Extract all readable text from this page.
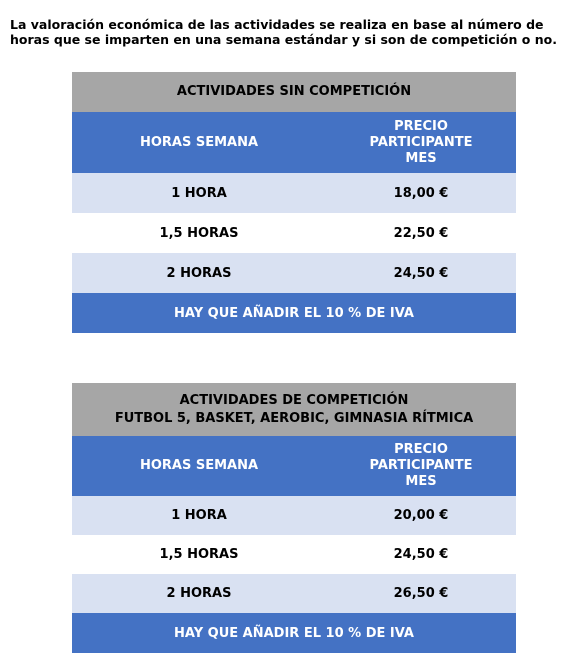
La valoración económica de las actividades se realiza en base al número de horas que se imparten en una semana estándar y si son de competición o no.

ACTIVIDADES SIN COMPETICIÓN	

HORAS SEMANA	PRECIO
PARTICIPANTE
MES

1 HORA	18,00 €
1,5 HORAS	22,50 €
2 HORAS	24,50 €
HAY QUE AÑADIR EL 10 % DE IVA	
ACTIVIDADES DE COMPETICIÓN
FUTBOL 5, BASKET, AEROBIC, GIMNASIA RÍTMICA	

HORAS SEMANA	PRECIO
PARTICIPANTE
MES

1 HORA	20,00 €
1,5 HORAS	24,50 €
2 HORAS	26,50 €
HAY QUE AÑADIR EL 10 % DE IVA	
